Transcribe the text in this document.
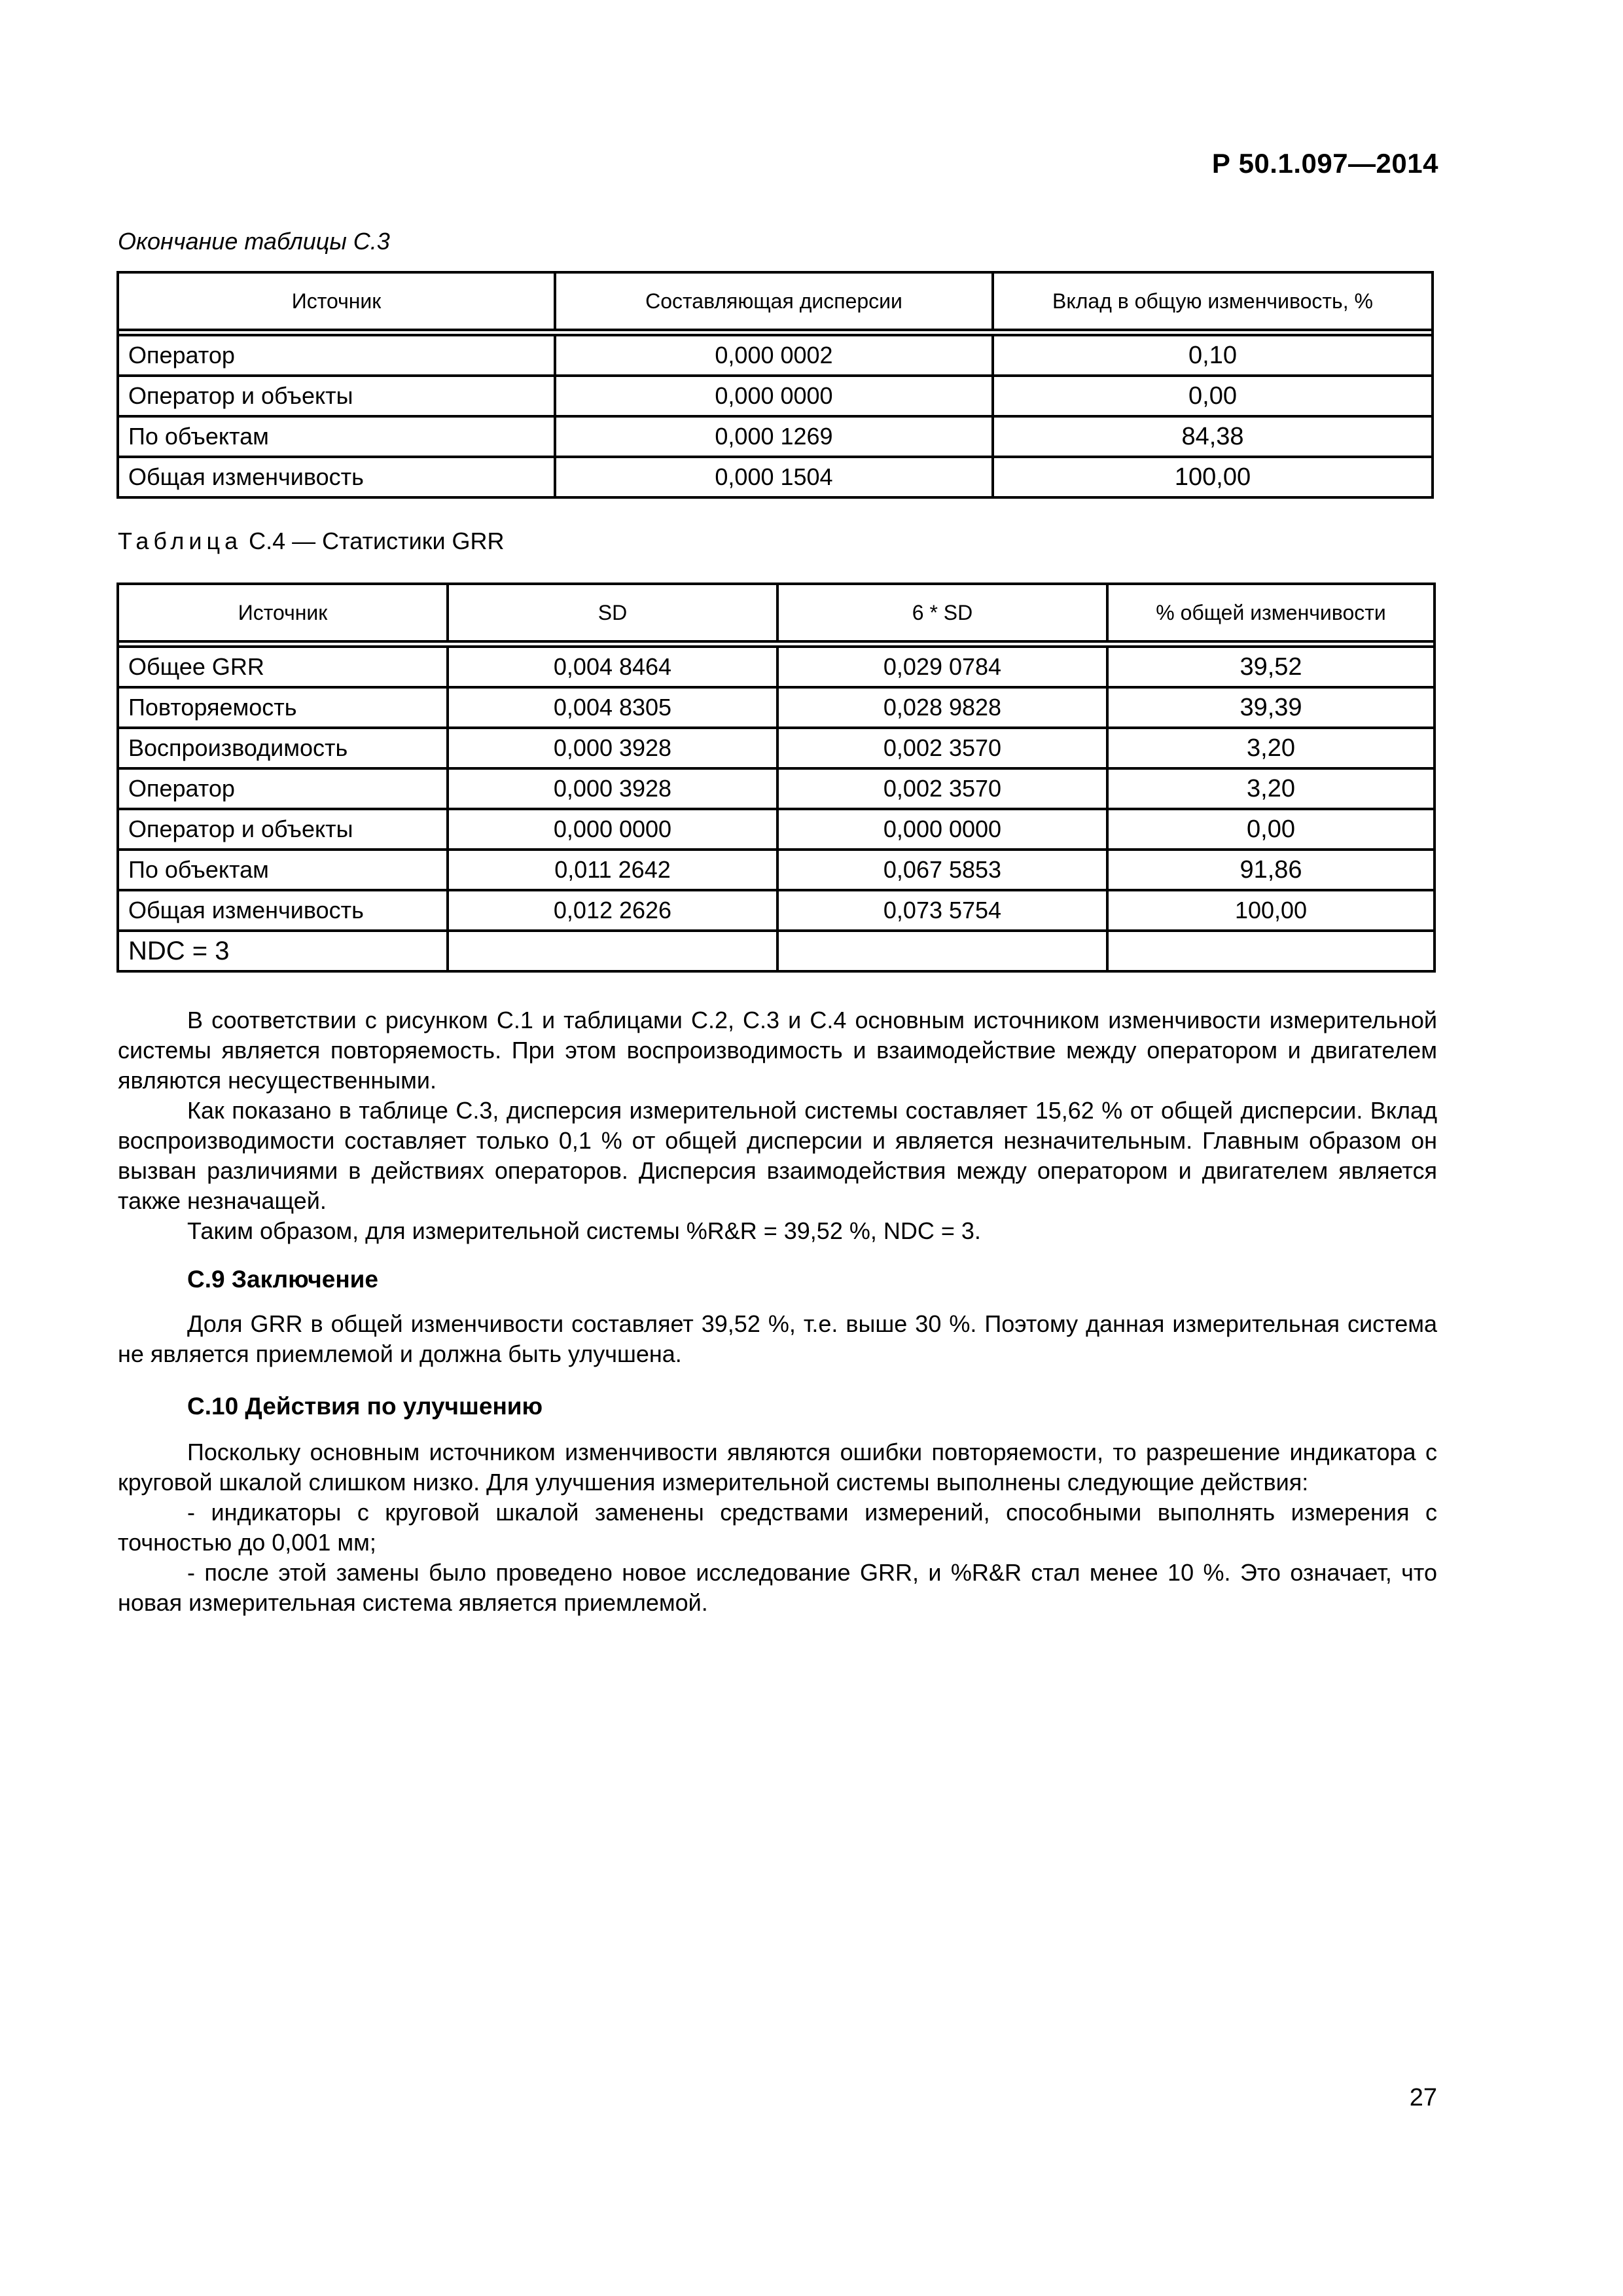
Р 50.1.097—2014
Окончание таблицы С.3
Источник	Составляющая дисперсии	Вклад в общую изменчивость, %

Оператор	0,000 0002	0,10
Оператор и объекты	0,000 0000	0,00
По объектам	0,000 1269	84,38
Общая изменчивость	0,000 1504	100,00
Таблица С.4 — Статистики GRR
Источник	SD	6 * SD	% общей изменчивости

Общее GRR	0,004 8464	0,029 0784	39,52
Повторяемость	0,004 8305	0,028 9828	39,39
Воспроизводимость	0,000 3928	0,002 3570	3,20
Оператор	0,000 3928	0,002 3570	3,20
Оператор и объекты	0,000 0000	0,000 0000	0,00
По объектам	0,011 2642	0,067 5853	91,86
Общая изменчивость	0,012 2626	0,073 5754	100,00
NDC = 3			

В соответствии с рисунком С.1 и таблицами С.2, С.3 и С.4 основным источником изменчивости измерительной системы является повторяемость. При этом воспроизводимость и взаимодействие между оператором и двигателем являются несущественными.

Как показано в таблице С.3, дисперсия измерительной системы составляет 15,62 % от общей дисперсии. Вклад воспроизводимости составляет только 0,1 % от общей дисперсии и является незначительным. Главным образом он вызван различиями в действиях операторов. Дисперсия взаимодействия между оператором и двигателем является также незначащей.

Таким образом, для измерительной системы %R&R = 39,52 %, NDC = 3.

С.9 Заключение

Доля GRR в общей изменчивости составляет 39,52 %, т.е. выше 30 %. Поэтому данная измерительная система не является приемлемой и должна быть улучшена.

С.10 Действия по улучшению

Поскольку основным источником изменчивости являются ошибки повторяемости, то разрешение индикатора с круговой шкалой слишком низко. Для улучшения измерительной системы выполнены следующие действия:

- индикаторы с круговой шкалой заменены средствами измерений, способными выполнять измерения с точностью до 0,001 мм;

- после этой замены было проведено новое исследование GRR, и %R&R стал менее 10 %. Это означает, что новая измерительная система является приемлемой.

27
